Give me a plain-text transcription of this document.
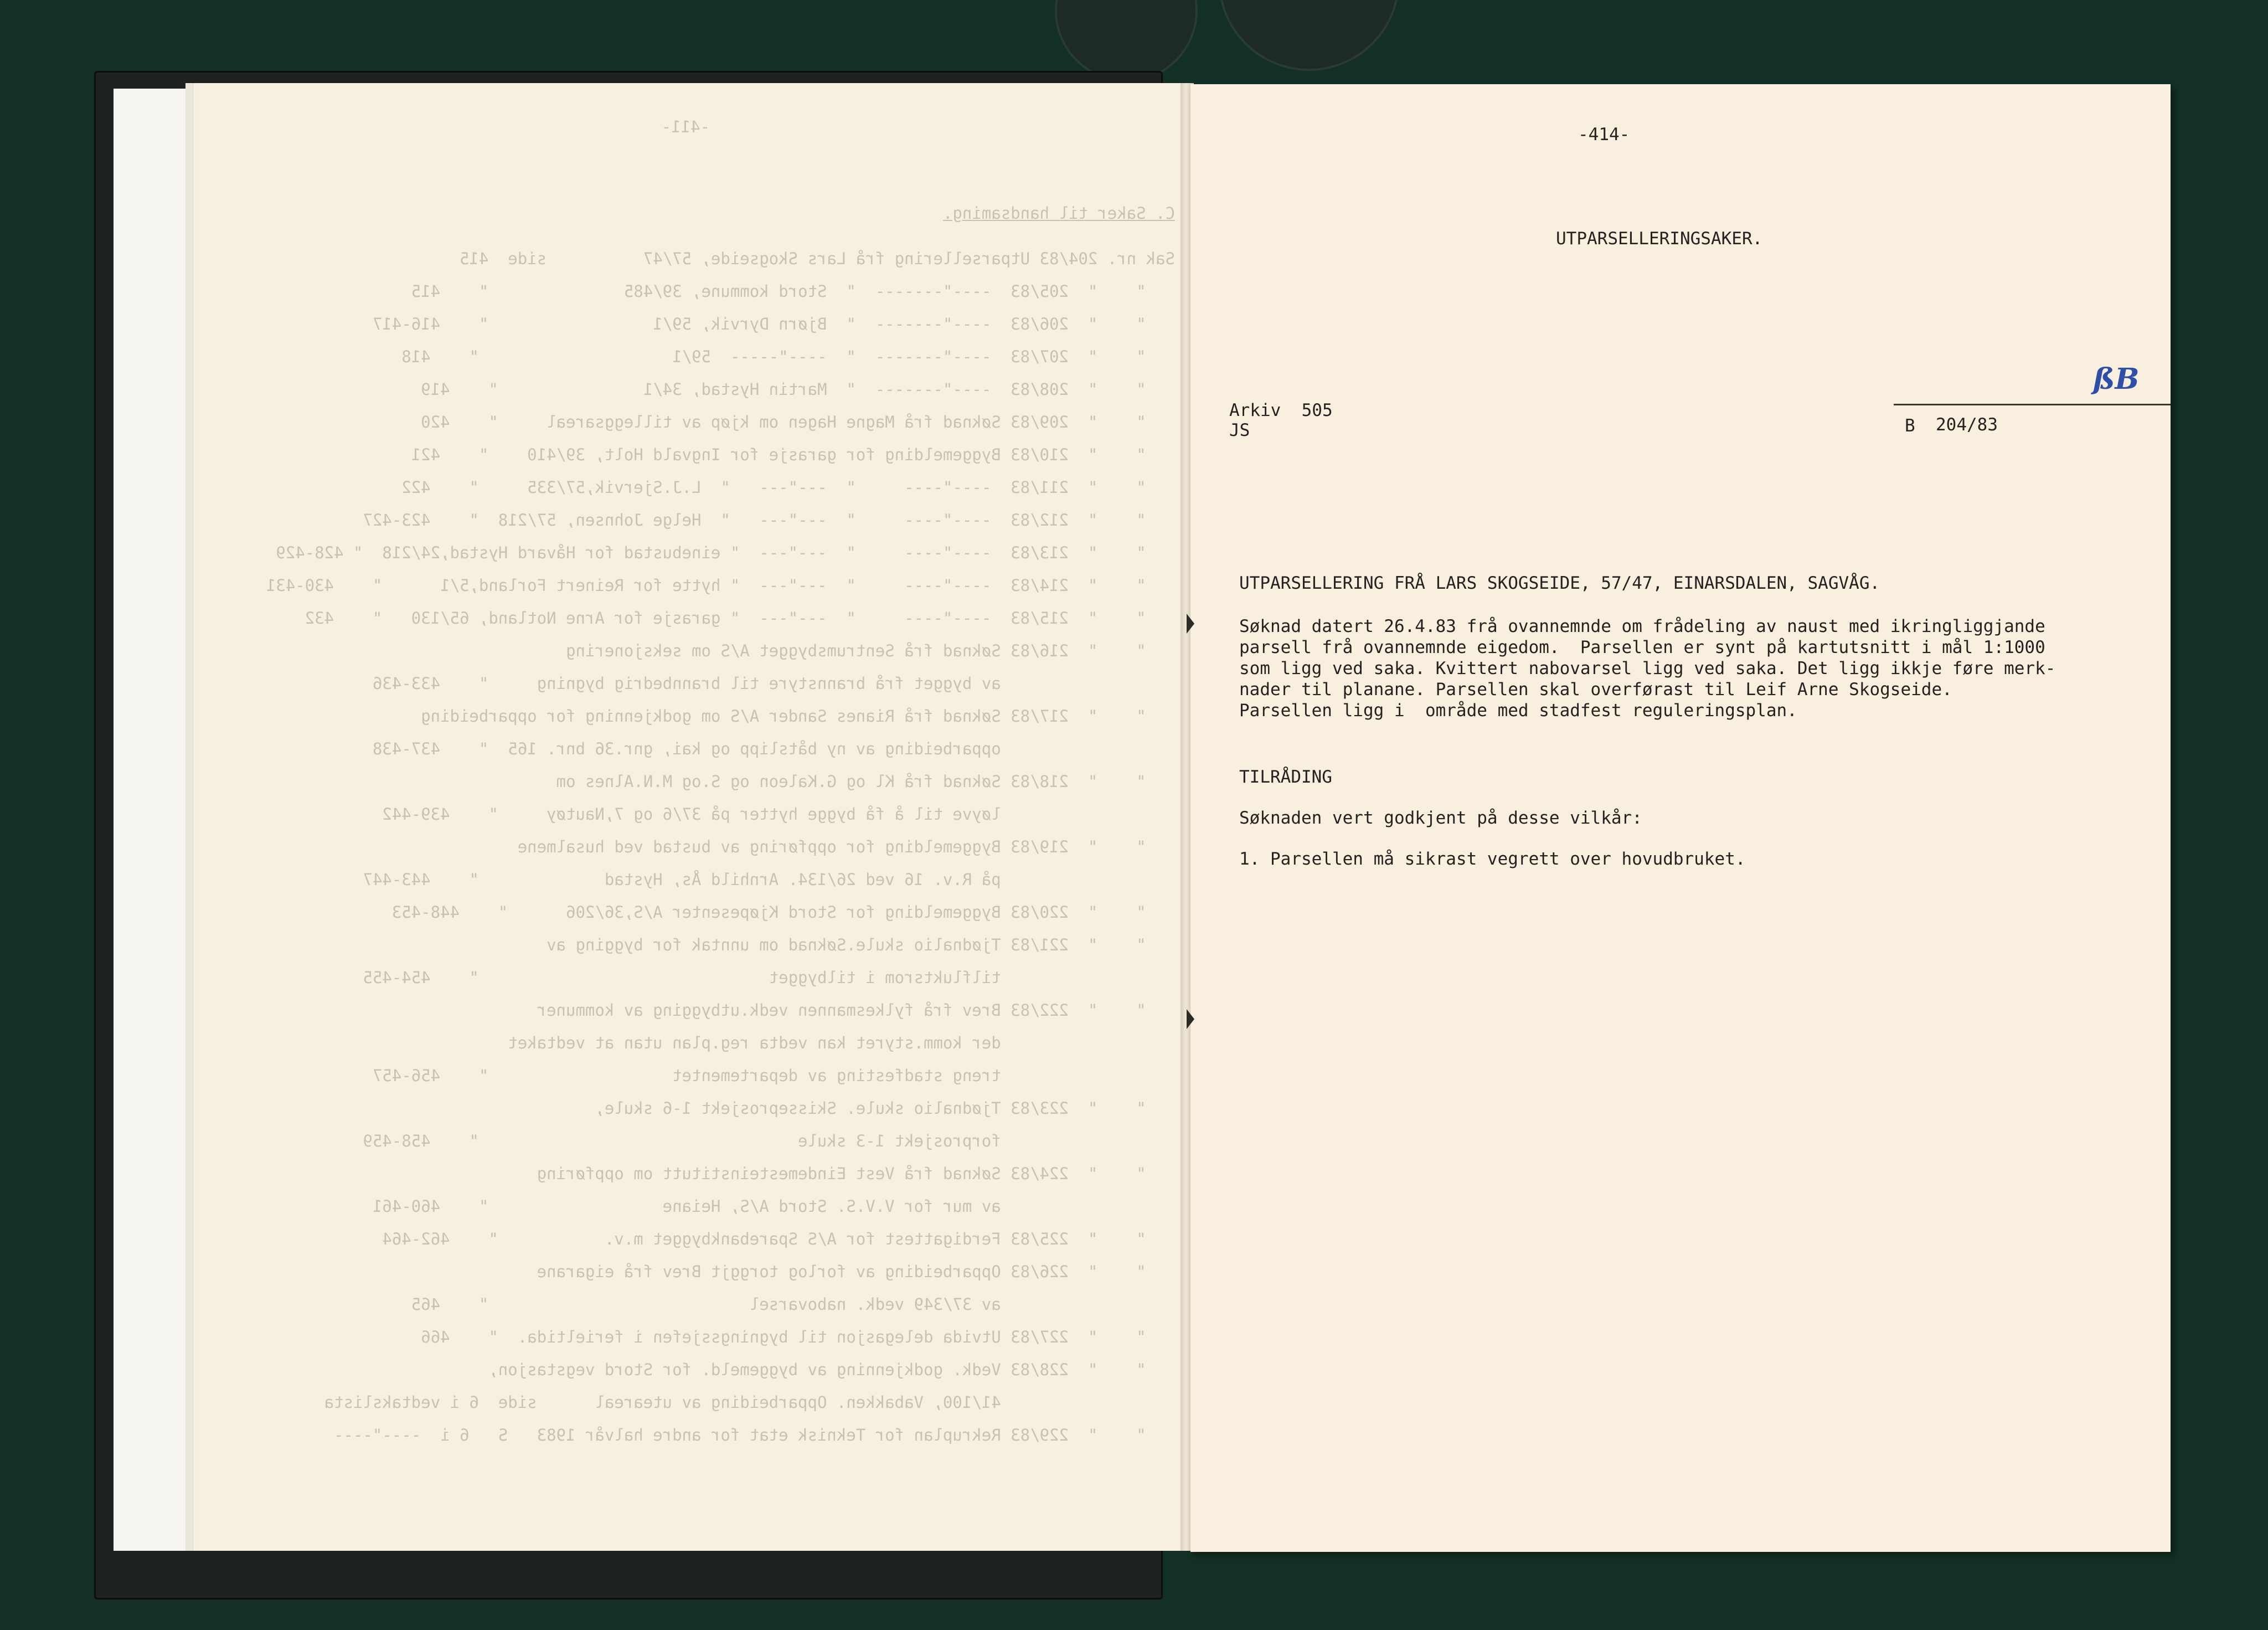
-411-
C. Saker til handsaming.
Sak nr. 204/83 Utparsellering frå Lars Skogseide, 57/47          side  415
"    "  205/83  ----"-------  "  Stord kommune, 39/485              "    415
"    "  206/83  ----"-------  "  Bjørn Dyrvik, 59/1                 "    416-417
"    "  207/83  ----"-------  "  ----"-----  59/1                    "    418
"    "  208/83  ----"-------  "  Martin Hystad, 34/1               "    419
"    "  209/83 Søknad frå Magne Hagen om kjøp av tilleggsareal     "    420
"    "  210/83 Byggemelding for garasje for Ingvald Holt, 39/410    "    421
"    "  211/83  ----"----     "  ---"---   "  L.J.Sjervik,57/335     "    422
"    "  212/83  ----"----     "  ---"---   "  Helge Johnsen, 57/218  "    423-427
"    "  213/83  ----"----     "  ---"---  " einebustad for Håvard Hystad,24/218  " 428-429
"    "  214/83  ----"----     "  ---"---  " hytte for Reinert Forland,5/1      "    430-431
"    "  215/83  ----"----     "  ---"---  " garasje for Arne Notland, 65/130   "    432
"    "  216/83 Søknad frå Sentrumsbygget A/S om seksjonering
av bygget frå brannstyre til brannbedrig bygning     "    433-436
"    "  217/83 Søknad frå Rianes Sander A/S om godkjenning for opparbeiding
opparbeiding av ny båtslipp og kai, gnr.36 bnr. 165  "    437-438
"    "  218/83 Søknad frå Kl og G.Kaleon og S.og M.N.Alnes om
løyve til å få bygge hytter på 37/6 og 7,Nautøy     "    439-442
"    "  219/83 Byggemelding for oppføring av bustad ved husalmene
på R.v. 16 ved 26/134. Arnhild Ås, Hystad             "    443-447
"    "  220/83 Byggemelding for Stord Kjøpesenter A/S,36/206      "    448-453
"    "  221/83 Tjødnalio skule.Søknad om unntak for bygging av
tilfluktsrom i tilbygget                              "    454-455
"    "  222/83 Brev frå fylkesmannen vedk.utbygging av kommuner
der komm.styret kan vedta reg.plan utan at vedtaket
treng stadfesting av departementet                   "    456-457
"    "  223/83 Tjødnalio skule. Skisseprosjekt 1-6 skule,
forprosjekt 1-3 skule                                 "    458-459
"    "  224/83 Søknad frå Vest Eindemesteinstitutt om oppføring
av mur for V.V.S. Stord A/S, Heiane                  "    460-461
"    "  225/83 Ferdigattest for A/S Sparebankbygget m.v.           "    462-464
"    "  226/83 Opparbeiding av forlog torggjt Brev frå eigarane
av 37/349 vedk. nabovarsel                           "    465
"    "  227/83 Utvida delegasjon til bygningssjefen i ferieltida.  "    466
"    "  228/83 Vedk. godkjenning av byggemeld. for Stord vegstasjon,
41/100, Vabakken. Opparbeiding av uteareal      side  6 i vedtakslista
"    "  229/83 Rekruplan for Teknisk etat for andre halvår 1983   S   6 i  ----"----
-414-
UTPARSELLERINGSAKER.
ßB
Arkiv  505
JS	B 204/83
UTPARSELLERING FRÅ LARS SKOGSEIDE, 57/47, EINARSDALEN, SAGVÅG.
Søknad datert 26.4.83 frå ovannemnde om frådeling av naust med ikringliggjande
parsell frå ovannemnde eigedom.  Parsellen er synt på kartutsnitt i mål 1:1000
som ligg ved saka. Kvittert nabovarsel ligg ved saka. Det ligg ikkje føre merk-
nader til planane. Parsellen skal overførast til Leif Arne Skogseide.
Parsellen ligg i  område med stadfest reguleringsplan.
TILRÅDING
Søknaden vert godkjent på desse vilkår:
1. Parsellen må sikrast vegrett over hovudbruket.
